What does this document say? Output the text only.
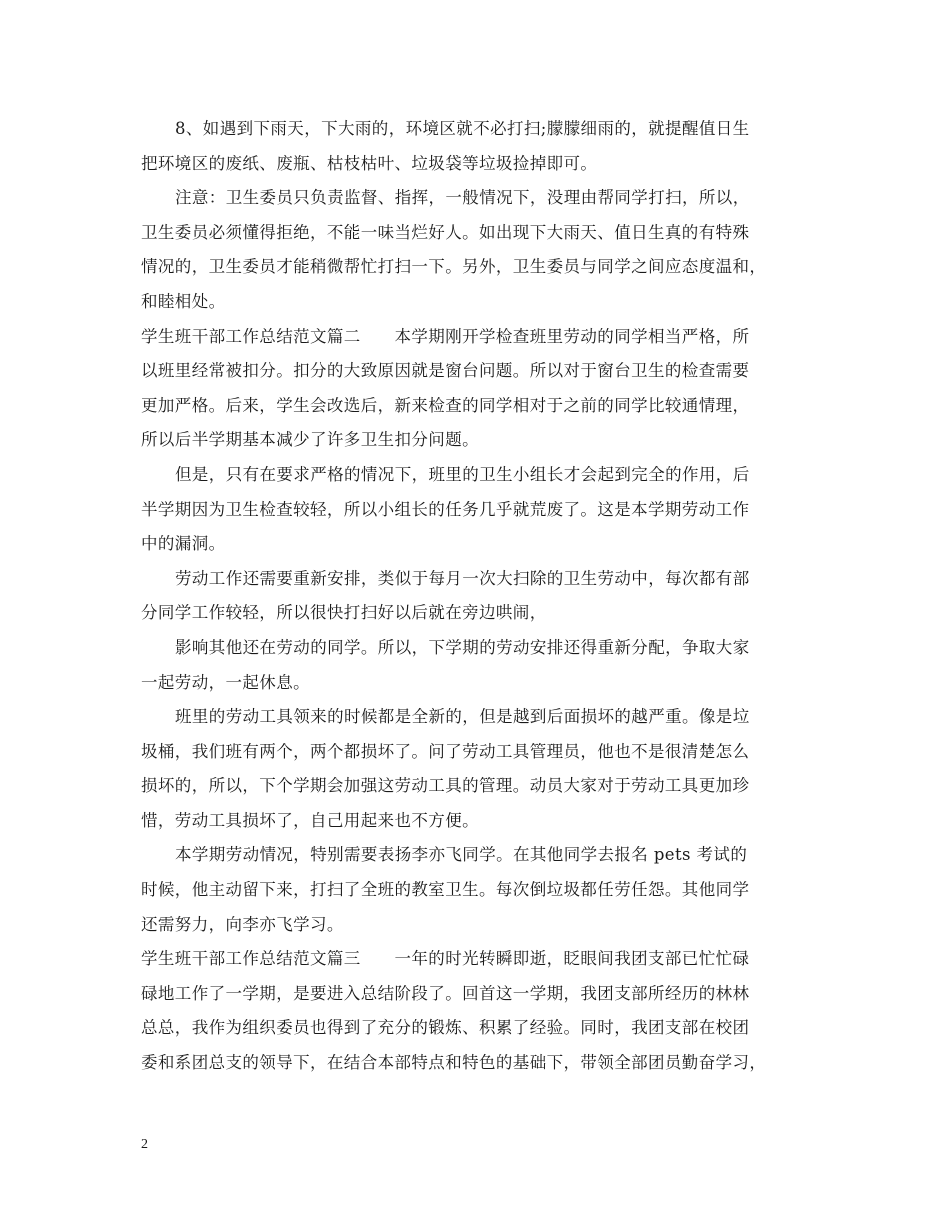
8、如遇到下雨天，下大雨的，环境区就不必打扫;朦朦细雨的，就提醒值日生
把环境区的废纸、废瓶、枯枝枯叶、垃圾袋等垃圾捡掉即可。

注意：卫生委员只负责监督、指挥，一般情况下，没理由帮同学打扫，所以，
卫生委员必须懂得拒绝，不能一味当烂好人。如出现下大雨天、值日生真的有特殊
情况的，卫生委员才能稍微帮忙打扫一下。另外，卫生委员与同学之间应态度温和，
和睦相处。

学生班干部工作总结范文篇二　　本学期刚开学检查班里劳动的同学相当严格，所
以班里经常被扣分。扣分的大致原因就是窗台问题。所以对于窗台卫生的检查需要
更加严格。后来，学生会改选后，新来检查的同学相对于之前的同学比较通情理，
所以后半学期基本减少了许多卫生扣分问题。

但是，只有在要求严格的情况下，班里的卫生小组长才会起到完全的作用，后
半学期因为卫生检查较轻，所以小组长的任务几乎就荒废了。这是本学期劳动工作
中的漏洞。

劳动工作还需要重新安排，类似于每月一次大扫除的卫生劳动中，每次都有部
分同学工作较轻，所以很快打扫好以后就在旁边哄闹，

影响其他还在劳动的同学。所以，下学期的劳动安排还得重新分配，争取大家
一起劳动，一起休息。

班里的劳动工具领来的时候都是全新的，但是越到后面损坏的越严重。像是垃
圾桶，我们班有两个，两个都损坏了。问了劳动工具管理员，他也不是很清楚怎么
损坏的，所以，下个学期会加强这劳动工具的管理。动员大家对于劳动工具更加珍
惜，劳动工具损坏了，自己用起来也不方便。

本学期劳动情况，特别需要表扬李亦飞同学。在其他同学去报名 pets 考试的
时候，他主动留下来，打扫了全班的教室卫生。每次倒垃圾都任劳任怨。其他同学
还需努力，向李亦飞学习。

学生班干部工作总结范文篇三　　一年的时光转瞬即逝，眨眼间我团支部已忙忙碌
碌地工作了一学期，是要进入总结阶段了。回首这一学期，我团支部所经历的林林
总总，我作为组织委员也得到了充分的锻炼、积累了经验。同时，我团支部在校团
委和系团总支的领导下，在结合本部特点和特色的基础下，带领全部团员勤奋学习，

2
